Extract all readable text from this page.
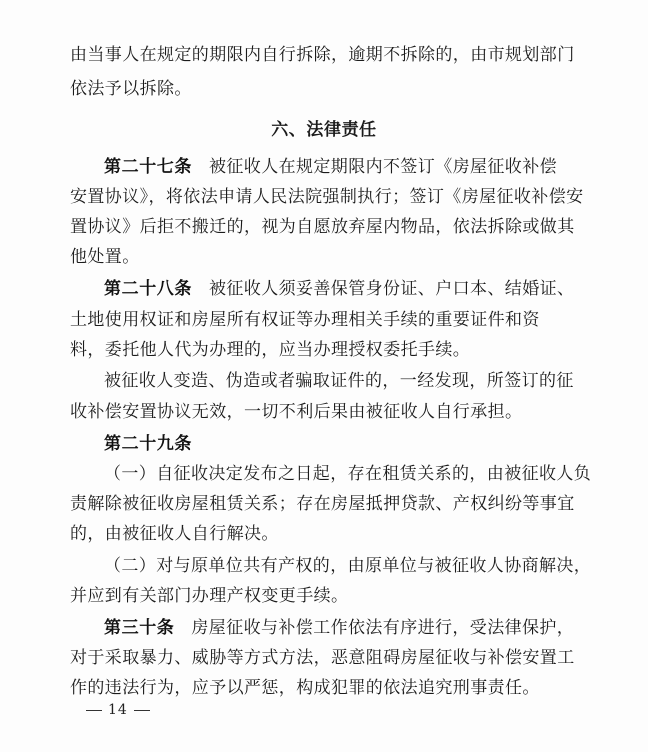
由当事人在规定的期限内自行拆除，逾期不拆除的，由市规划部门
依法予以拆除。
六、法律责任
第二十七条 被征收人在规定期限内不签订《房屋征收补偿
安置协议》，将依法申请人民法院强制执行；签订《房屋征收补偿安
置协议》后拒不搬迁的，视为自愿放弃屋内物品，依法拆除或做其
他处置。
第二十八条 被征收人须妥善保管身份证、户口本、结婚证、
土地使用权证和房屋所有权证等办理相关手续的重要证件和资
料，委托他人代为办理的，应当办理授权委托手续。
被征收人变造、伪造或者骗取证件的，一经发现，所签订的征
收补偿安置协议无效，一切不利后果由被征收人自行承担。
第二十九条
（一）自征收决定发布之日起，存在租赁关系的，由被征收人负
责解除被征收房屋租赁关系；存在房屋抵押贷款、产权纠纷等事宜
的，由被征收人自行解决。
（二）对与原单位共有产权的，由原单位与被征收人协商解决，
并应到有关部门办理产权变更手续。
第三十条 房屋征收与补偿工作依法有序进行，受法律保护，
对于采取暴力、威胁等方式方法，恶意阻碍房屋征收与补偿安置工
作的违法行为，应予以严惩，构成犯罪的依法追究刑事责任。
14
